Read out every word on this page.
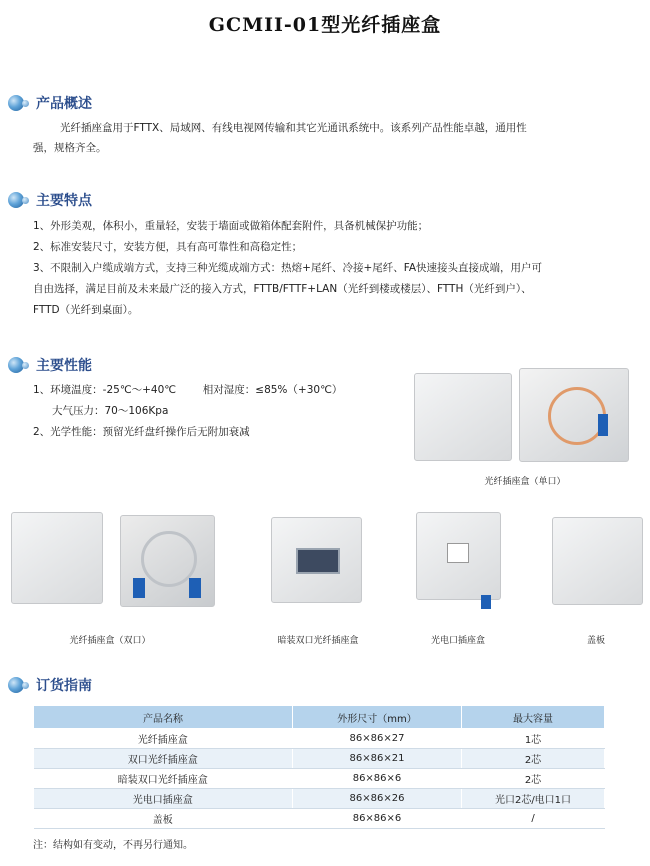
GCMII-01型光纤插座盒
产品概述
光纤插座盒用于FTTX、局域网、有线电视网传输和其它光通讯系统中。该系列产品性能卓越，通用性
强，规格齐全。
主要特点
1、外形美观，体积小，重量轻，安装于墙面或做箱体配套附件，具备机械保护功能；
2、标准安装尺寸，安装方便，具有高可靠性和高稳定性；
3、不限制入户缆成端方式，支持三种光缆成端方式：热熔+尾纤、冷接+尾纤、FA快速接头直接成端，用户可
自由选择，满足目前及未来最广泛的接入方式，FTTB/FTTF+LAN（光纤到楼或楼层）、FTTH（光纤到户）、
FTTD（光纤到桌面）。
主要性能
1、环境温度：-25℃～+40℃        相对湿度：≤85%（+30℃）
大气压力：70～106Kpa
2、光学性能：预留光纤盘纤操作后无附加衰减
光纤插座盒（单口）
光纤插座盒（双口）	暗装双口光纤插座盒	光电口插座盒	盖板
订货指南
产品名称	外形尺寸（mm）	最大容量
光纤插座盒	86×86×27	1芯
双口光纤插座盒	86×86×21	2芯
暗装双口光纤插座盒	86×86×6	2芯
光电口插座盒	86×86×26	光口2芯/电口1口
盖板	86×86×6	/
注：结构如有变动，不再另行通知。
